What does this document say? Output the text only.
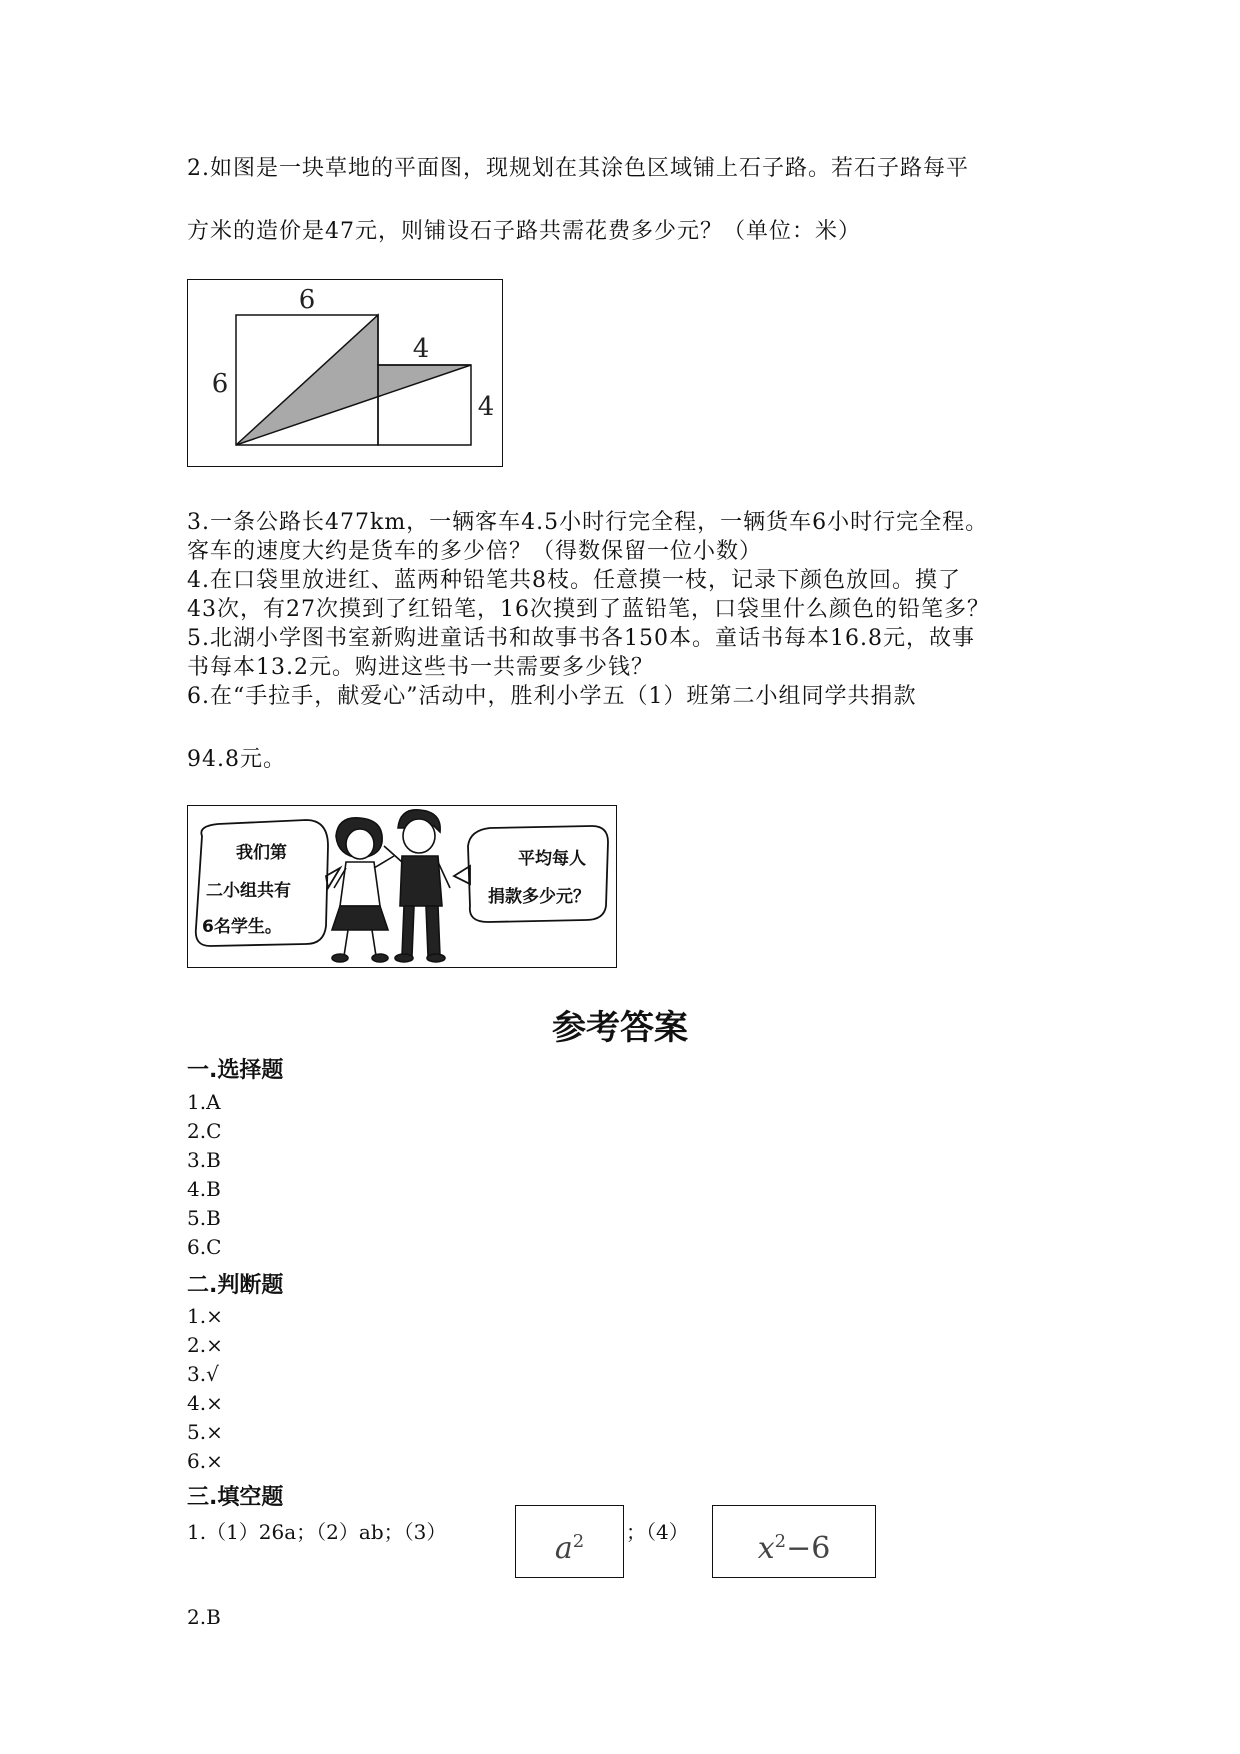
2.如图是一块草地的平面图，现规划在其涂色区域铺上石子路。若石子路每平
方米的造价是47元，则铺设石子路共需花费多少元？（单位：米）
6
6
4
4
3.一条公路长477km，一辆客车4.5小时行完全程，一辆货车6小时行完全程。
客车的速度大约是货车的多少倍？（得数保留一位小数）
4.在口袋里放进红、蓝两种铅笔共8枝。任意摸一枝，记录下颜色放回。摸了
43次，有27次摸到了红铅笔，16次摸到了蓝铅笔，口袋里什么颜色的铅笔多？
5.北湖小学图书室新购进童话书和故事书各150本。童话书每本16.8元，故事
书每本13.2元。购进这些书一共需要多少钱？
6.在“手拉手，献爱心”活动中，胜利小学五（1）班第二小组同学共捐款
94.8元。
我们第
二小组共有
6名学生。
平均每人
捐款多少元？
参考答案
一.选择题
1.A
2.C
3.B
4.B
5.B
6.C
二.判断题
1.×
2.×
3.√
4.×
5.×
6.×
三.填空题
1.（1）26a；（2）ab；（3）	$a^2$	；（4）	$x^2-6$
2.B
